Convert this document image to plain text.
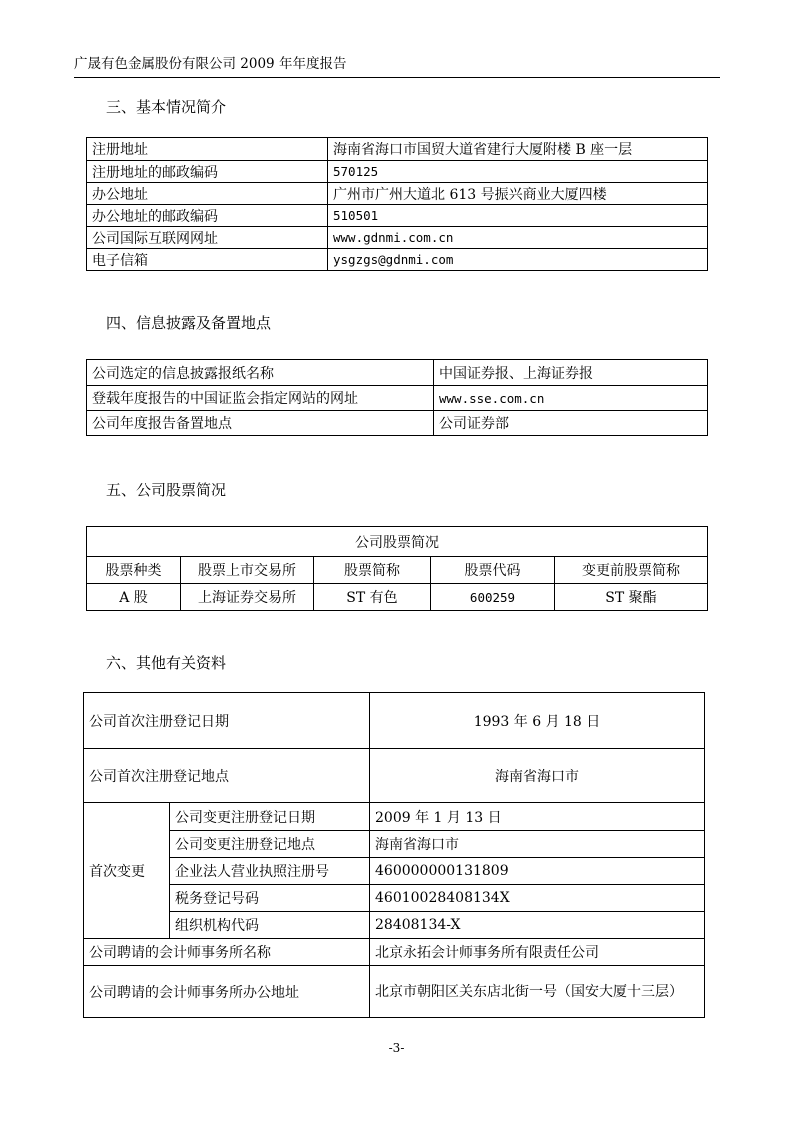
广晟有色金属股份有限公司 2009 年年度报告
三、基本情况简介
注册地址	海南省海口市国贸大道省建行大厦附楼 B 座一层
注册地址的邮政编码	570125
办公地址	广州市广州大道北 613 号振兴商业大厦四楼
办公地址的邮政编码	510501
公司国际互联网网址	www.gdnmi.com.cn
电子信箱	ysgzgs@gdnmi.com
四、信息披露及备置地点
公司选定的信息披露报纸名称	中国证券报、上海证券报
登载年度报告的中国证监会指定网站的网址	www.sse.com.cn
公司年度报告备置地点	公司证券部
五、公司股票简况
公司股票简况				
股票种类	股票上市交易所	股票简称	股票代码	变更前股票简称
A 股	上海证券交易所	ST 有色	600259	ST 聚酯
六、其他有关资料
公司首次注册登记日期		1993 年 6 月 18 日
公司首次注册登记地点		海南省海口市
首次变更	公司变更注册登记日期	2009 年 1 月 13 日
	公司变更注册登记地点	海南省海口市
	企业法人营业执照注册号	460000000131809
	税务登记号码	46010028408134X
	组织机构代码	28408134-X
公司聘请的会计师事务所名称		北京永拓会计师事务所有限责任公司
公司聘请的会计师事务所办公地址		北京市朝阳区关东店北街一号（国安大厦十三层）
-3-
